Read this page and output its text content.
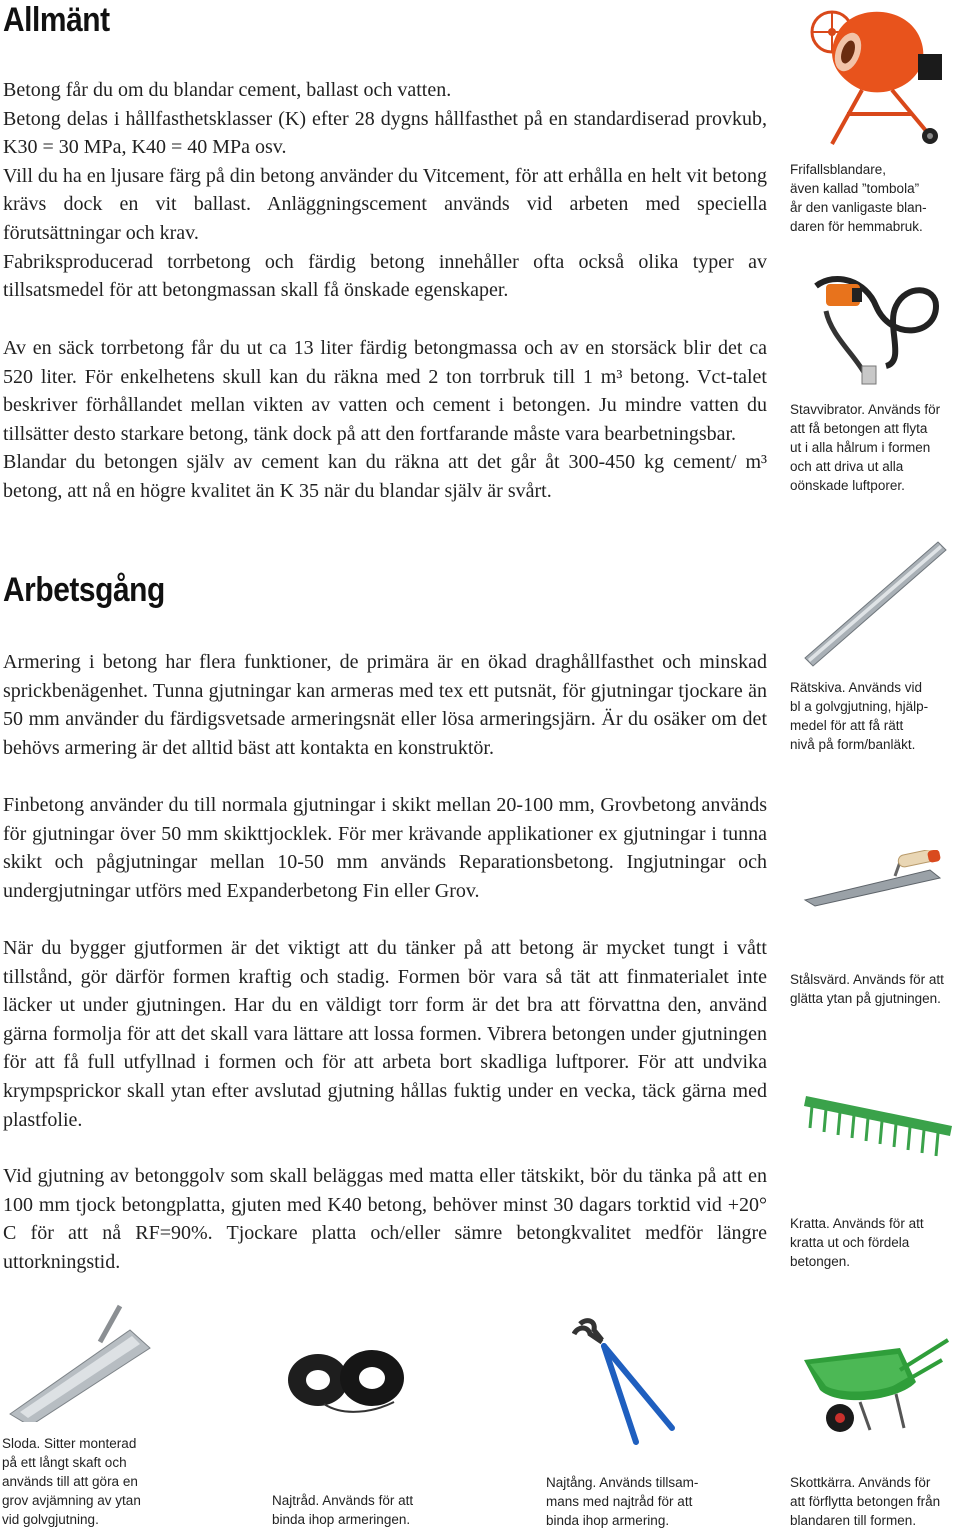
Allmänt

Betong får du om du blandar cement, ballast och vatten.

Betong delas i hållfasthetsklasser (K) efter 28 dygns hållfasthet på en standardiserad provkub, K30 = 30 MPa, K40 = 40 MPa osv.

Vill du ha en ljusare färg på din betong använder du Vitcement, för att erhålla en helt vit betong krävs dock en vit ballast. Anläggningscement används vid arbeten med speciella förutsättningar och krav.

Fabriksproducerad torrbetong och färdig betong innehåller ofta också olika typer av tillsatsmedel för att betongmassan skall få önskade egenskaper.

Av en säck torrbetong får du ut ca 13 liter färdig betongmassa och av en storsäck blir det ca 520 liter. För enkelhetens skull kan du räkna med 2 ton torrbruk till 1 m³ betong. Vct-talet beskriver förhållandet mellan vikten av vatten och cement i betongen. Ju mindre vatten du tillsätter desto starkare betong, tänk dock på att den fortfarande måste vara bearbetningsbar.

Blandar du betongen själv av cement kan du räkna att det går åt 300-450 kg cement/ m³ betong, att nå en högre kvalitet än K 35 när du blandar själv är svårt.

Arbetsgång

Armering i betong har flera funktioner, de primära är en ökad draghållfasthet och minskad sprickbenägenhet. Tunna gjutningar kan armeras med tex ett putsnät, för gjutningar tjockare än 50 mm använder du färdigsvetsade armeringsnät eller lösa armeringsjärn. Är du osäker om det behövs armering är det alltid bäst att kontakta en konstruktör.

Finbetong använder du till normala gjutningar i skikt mellan 20-100 mm, Grovbetong används för gjutningar över 50 mm skikttjocklek. För mer krävande applikationer ex gjutningar i tunna skikt och pågjutningar mellan 10-50 mm används Reparationsbetong. Ingjutningar och undergjutningar utförs med Expanderbetong Fin eller Grov.

När du bygger gjutformen är det viktigt att du tänker på att betong är mycket tungt i vått tillstånd, gör därför formen kraftig och stadig. Formen bör vara så tät att finmaterialet inte läcker ut under gjutningen. Har du en väldigt torr form är det bra att förvattna den, använd gärna formolja för att det skall vara lättare att lossa formen. Vibrera betongen under gjutningen för att få full utfyllnad i formen och för att arbeta bort skadliga luftporer. För att undvika krympsprickor skall ytan efter avslutad gjutning hållas fuktig under en vecka, täck gärna med plastfolie.

Vid gjutning av betonggolv som skall beläggas med matta eller tätskikt, bör du tänka på att en 100 mm tjock betongplatta, gjuten med K40 betong, behöver minst 30 dagars torktid vid +20° C för att nå RF=90%. Tjockare platta och/eller sämre betongkvalitet medför längre uttorkningstid.

Frifallsblandare,
även kallad ”tombola”
år den vanligaste blan-
daren för hemmabruk.

Stavvibrator. Används för
att få betongen att flyta
ut i alla hålrum i formen
och att driva ut alla
oönskade luftporer.

Rätskiva. Används vid
bl a golvgjutning, hjälp-
medel för att få rätt
nivå på form/banläkt.

Stålsvärd. Används för att
glätta ytan på gjutningen.

Kratta. Används för att
kratta ut och fördela
betongen.

Sloda. Sitter monterad
på ett långt skaft och
används till att göra en
grov avjämning av ytan
vid golvgjutning.

Najtråd. Används för att
binda ihop armeringen.

Najtång. Används tillsam-
mans med najtråd för att
binda ihop armering.

Skottkärra. Används för
att förflytta betongen från
blandaren till formen.
